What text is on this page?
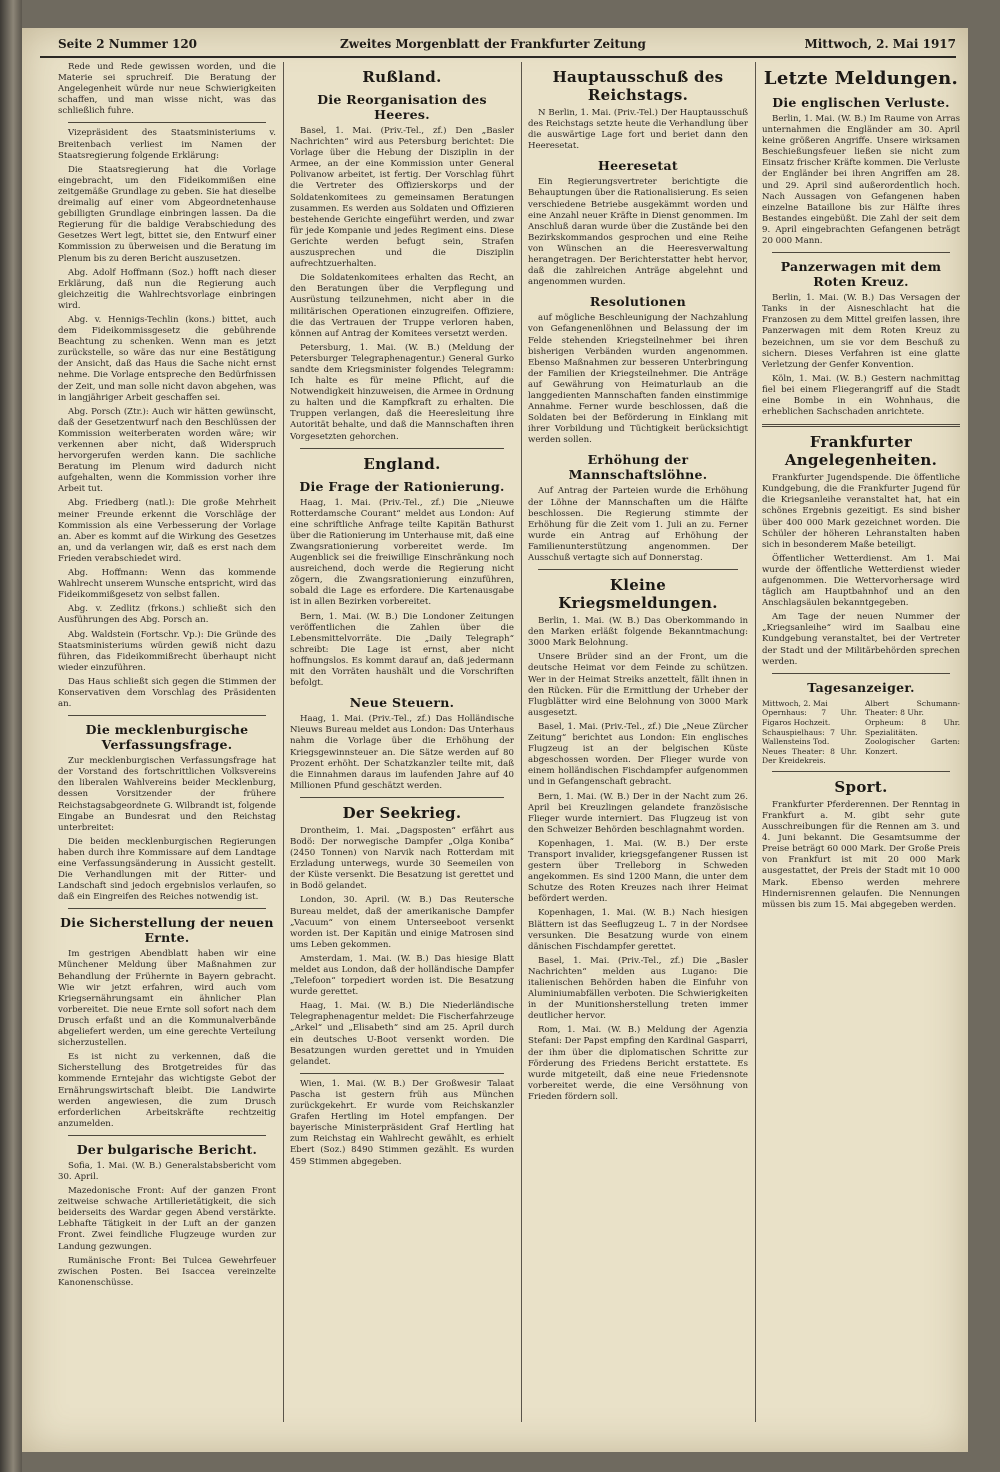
Seite 2 Nummer 120	Zweites Morgenblatt der Frankfurter Zeitung	Mittwoch, 2. Mai 1917

Rede und Rede gewissen worden, und die Materie sei spruchreif. Die Beratung der Angelegenheit würde nur neue Schwierigkeiten schaffen, und man wisse nicht, was das schließlich fuhre.

Vizepräsident des Staatsministeriums v. Breitenbach verliest im Namen der Staatsregierung folgende Erklärung:

Die Staatsregierung hat die Vorlage eingebracht, um den Fideikommißen eine zeitgemäße Grundlage zu geben. Sie hat dieselbe dreimalig auf einer vom Abgeordnetenhause gebilligten Grundlage einbringen lassen. Da die Regierung für die baldige Verabschiedung des Gesetzes Wert legt, bittet sie, den Entwurf einer Kommission zu überweisen und die Beratung im Plenum bis zu deren Bericht auszusetzen.

Abg. Adolf Hoffmann (Soz.) hofft nach dieser Erklärung, daß nun die Regierung auch gleichzeitig die Wahlrechtsvorlage einbringen wird.

Abg. v. Hennigs-Techlin (kons.) bittet, auch dem Fideikommissgesetz die gebührende Beachtung zu schenken. Wenn man es jetzt zurückstelle, so wäre das nur eine Bestätigung der Ansicht, daß das Haus die Sache nicht ernst nehme. Die Vorlage entspreche den Bedürfnissen der Zeit, und man solle nicht davon abgehen, was in langjähriger Arbeit geschaffen sei.

Abg. Porsch (Ztr.): Auch wir hätten gewünscht, daß der Gesetzentwurf nach den Beschlüssen der Kommission weiterberaten worden wäre; wir verkennen aber nicht, daß Widerspruch hervorgerufen werden kann. Die sachliche Beratung im Plenum wird dadurch nicht aufgehalten, wenn die Kommission vorher ihre Arbeit tut.

Abg. Friedberg (natl.): Die große Mehrheit meiner Freunde erkennt die Vorschläge der Kommission als eine Verbesserung der Vorlage an. Aber es kommt auf die Wirkung des Gesetzes an, und da verlangen wir, daß es erst nach dem Frieden verabschiedet wird.

Abg. Hoffmann: Wenn das kommende Wahlrecht unserem Wunsche entspricht, wird das Fideikommißgesetz von selbst fallen.

Abg. v. Zedlitz (frkons.) schließt sich den Ausführungen des Abg. Porsch an.

Abg. Waldstein (Fortschr. Vp.): Die Gründe des Staatsministeriums würden gewiß nicht dazu führen, das Fideikommißrecht überhaupt nicht wieder einzuführen.

Das Haus schließt sich gegen die Stimmen der Konservativen dem Vorschlag des Präsidenten an.

Die mecklenburgische Verfassungsfrage.

Zur mecklenburgischen Verfassungsfrage hat der Vorstand des fortschrittlichen Volksvereins den liberalen Wahlvereins beider Mecklenburg, dessen Vorsitzender der frühere Reichstagsabgeordnete G. Wilbrandt ist, folgende Eingabe an Bundesrat und den Reichstag unterbreitet:

Die beiden mecklenburgischen Regierungen haben durch ihre Kommissare auf dem Landtage eine Verfassungsänderung in Aussicht gestellt. Die Verhandlungen mit der Ritter- und Landschaft sind jedoch ergebnislos verlaufen, so daß ein Eingreifen des Reiches notwendig ist.

Die Sicherstellung der neuen Ernte.

Im gestrigen Abendblatt haben wir eine Münchener Meldung über Maßnahmen zur Behandlung der Frühernte in Bayern gebracht. Wie wir jetzt erfahren, wird auch vom Kriegsernährungsamt ein ähnlicher Plan vorbereitet. Die neue Ernte soll sofort nach dem Drusch erfaßt und an die Kommunalverbände abgeliefert werden, um eine gerechte Verteilung sicherzustellen.

Es ist nicht zu verkennen, daß die Sicherstellung des Brotgetreides für das kommende Erntejahr das wichtigste Gebot der Ernährungswirtschaft bleibt. Die Landwirte werden angewiesen, die zum Drusch erforderlichen Arbeitskräfte rechtzeitig anzumelden.

Der bulgarische Bericht.

Sofia, 1. Mai. (W. B.) Generalstabsbericht vom 30. April.

Mazedonische Front: Auf der ganzen Front zeitweise schwache Artillerietätigkeit, die sich beiderseits des Wardar gegen Abend verstärkte. Lebhafte Tätigkeit in der Luft an der ganzen Front. Zwei feindliche Flugzeuge wurden zur Landung gezwungen.

Rumänische Front: Bei Tulcea Gewehrfeuer zwischen Posten. Bei Isaccea vereinzelte Kanonenschüsse.

Rußland.
Die Reorganisation des Heeres.

Basel, 1. Mai. (Priv.-Tel., zf.) Den „Basler Nachrichten“ wird aus Petersburg berichtet: Die Vorlage über die Hebung der Disziplin in der Armee, an der eine Kommission unter General Polivanow arbeitet, ist fertig. Der Vorschlag führt die Vertreter des Offizierskorps und der Soldatenkomitees zu gemeinsamen Beratungen zusammen. Es werden aus Soldaten und Offizieren bestehende Gerichte eingeführt werden, und zwar für jede Kompanie und jedes Regiment eins. Diese Gerichte werden befugt sein, Strafen auszusprechen und die Disziplin aufrechtzuerhalten.

Die Soldatenkomitees erhalten das Recht, an den Beratungen über die Verpflegung und Ausrüstung teilzunehmen, nicht aber in die militärischen Operationen einzugreifen. Offiziere, die das Vertrauen der Truppe verloren haben, können auf Antrag der Komitees versetzt werden.

Petersburg, 1. Mai. (W. B.) (Meldung der Petersburger Telegraphenagentur.) General Gurko sandte dem Kriegsminister folgendes Telegramm: Ich halte es für meine Pflicht, auf die Notwendigkeit hinzuweisen, die Armee in Ordnung zu halten und die Kampfkraft zu erhalten. Die Truppen verlangen, daß die Heeresleitung ihre Autorität behalte, und daß die Mannschaften ihren Vorgesetzten gehorchen.

England.
Die Frage der Rationierung.

Haag, 1. Mai. (Priv.-Tel., zf.) Die „Nieuwe Rotterdamsche Courant“ meldet aus London: Auf eine schriftliche Anfrage teilte Kapitän Bathurst über die Rationierung im Unterhause mit, daß eine Zwangsrationierung vorbereitet werde. Im Augenblick sei die freiwillige Einschränkung noch ausreichend, doch werde die Regierung nicht zögern, die Zwangsrationierung einzuführen, sobald die Lage es erfordere. Die Kartenausgabe ist in allen Bezirken vorbereitet.

Bern, 1. Mai. (W. B.) Die Londoner Zeitungen veröffentlichen die Zahlen über die Lebensmittelvorräte. Die „Daily Telegraph“ schreibt: Die Lage ist ernst, aber nicht hoffnungslos. Es kommt darauf an, daß jedermann mit den Vorräten haushält und die Vorschriften befolgt.

Neue Steuern.

Haag, 1. Mai. (Priv.-Tel., zf.) Das Holländische Nieuws Bureau meldet aus London: Das Unterhaus nahm die Vorlage über die Erhöhung der Kriegsgewinnsteuer an. Die Sätze werden auf 80 Prozent erhöht. Der Schatzkanzler teilte mit, daß die Einnahmen daraus im laufenden Jahre auf 40 Millionen Pfund geschätzt werden.

Der Seekrieg.

Drontheim, 1. Mai. „Dagsposten“ erfährt aus Bodö: Der norwegische Dampfer „Olga Koniba“ (2450 Tonnen) von Narvik nach Rotterdam mit Erzladung unterwegs, wurde 30 Seemeilen von der Küste versenkt. Die Besatzung ist gerettet und in Bodö gelandet.

London, 30. April. (W. B.) Das Reutersche Bureau meldet, daß der amerikanische Dampfer „Vacuum“ von einem Unterseeboot versenkt worden ist. Der Kapitän und einige Matrosen sind ums Leben gekommen.

Amsterdam, 1. Mai. (W. B.) Das hiesige Blatt meldet aus London, daß der holländische Dampfer „Telefoon“ torpediert worden ist. Die Besatzung wurde gerettet.

Haag, 1. Mai. (W. B.) Die Niederländische Telegraphenagentur meldet: Die Fischerfahrzeuge „Arkel“ und „Elisabeth“ sind am 25. April durch ein deutsches U-Boot versenkt worden. Die Besatzungen wurden gerettet und in Ymuiden gelandet.

Wien, 1. Mai. (W. B.) Der Großwesir Talaat Pascha ist gestern früh aus München zurückgekehrt. Er wurde vom Reichskanzler Grafen Hertling im Hotel empfangen. Der bayerische Ministerpräsident Graf Hertling hat zum Reichstag ein Wahlrecht gewählt, es erhielt Ebert (Soz.) 8490 Stimmen gezählt. Es wurden 459 Stimmen abgegeben.

Hauptausschuß des Reichstags.

N Berlin, 1. Mai. (Priv.-Tel.) Der Hauptausschuß des Reichstags setzte heute die Verhandlung über die auswärtige Lage fort und beriet dann den Heeresetat.

Heeresetat

Ein Regierungsvertreter berichtigte die Behauptungen über die Rationalisierung. Es seien verschiedene Betriebe ausgekämmt worden und eine Anzahl neuer Kräfte in Dienst genommen. Im Anschluß daran wurde über die Zustände bei den Bezirkskommandos gesprochen und eine Reihe von Wünschen an die Heeresverwaltung herangetragen. Der Berichterstatter hebt hervor, daß die zahlreichen Anträge abgelehnt und angenommen wurden.

Resolutionen

auf mögliche Beschleunigung der Nachzahlung von Gefangenenlöhnen und Belassung der im Felde stehenden Kriegsteilnehmer bei ihren bisherigen Verbänden wurden angenommen. Ebenso Maßnahmen zur besseren Unterbringung der Familien der Kriegsteilnehmer. Die Anträge auf Gewährung von Heimaturlaub an die langgedienten Mannschaften fanden einstimmige Annahme. Ferner wurde beschlossen, daß die Soldaten bei der Beförderung in Einklang mit ihrer Vorbildung und Tüchtigkeit berücksichtigt werden sollen.

Erhöhung der Mannschaftslöhne.

Auf Antrag der Parteien wurde die Erhöhung der Löhne der Mannschaften um die Hälfte beschlossen. Die Regierung stimmte der Erhöhung für die Zeit vom 1. Juli an zu. Ferner wurde ein Antrag auf Erhöhung der Familienunterstützung angenommen. Der Ausschuß vertagte sich auf Donnerstag.

Kleine Kriegsmeldungen.

Berlin, 1. Mai. (W. B.) Das Oberkommando in den Marken erläßt folgende Bekanntmachung: 3000 Mark Belohnung.

Unsere Brüder sind an der Front, um die deutsche Heimat vor dem Feinde zu schützen. Wer in der Heimat Streiks anzettelt, fällt ihnen in den Rücken. Für die Ermittlung der Urheber der Flugblätter wird eine Belohnung von 3000 Mark ausgesetzt.

Basel, 1. Mai. (Priv.-Tel., zf.) Die „Neue Zürcher Zeitung“ berichtet aus London: Ein englisches Flugzeug ist an der belgischen Küste abgeschossen worden. Der Flieger wurde von einem holländischen Fischdampfer aufgenommen und in Gefangenschaft gebracht.

Bern, 1. Mai. (W. B.) Der in der Nacht zum 26. April bei Kreuzlingen gelandete französische Flieger wurde interniert. Das Flugzeug ist von den Schweizer Behörden beschlagnahmt worden.

Kopenhagen, 1. Mai. (W. B.) Der erste Transport invalider, kriegsgefangener Russen ist gestern über Trelleborg in Schweden angekommen. Es sind 1200 Mann, die unter dem Schutze des Roten Kreuzes nach ihrer Heimat befördert werden.

Kopenhagen, 1. Mai. (W. B.) Nach hiesigen Blättern ist das Seeflugzeug L. 7 in der Nordsee versunken. Die Besatzung wurde von einem dänischen Fischdampfer gerettet.

Basel, 1. Mai. (Priv.-Tel., zf.) Die „Basler Nachrichten“ melden aus Lugano: Die italienischen Behörden haben die Einfuhr von Aluminiumabfällen verboten. Die Schwierigkeiten in der Munitionsherstellung treten immer deutlicher hervor.

Rom, 1. Mai. (W. B.) Meldung der Agenzia Stefani: Der Papst empfing den Kardinal Gasparri, der ihm über die diplomatischen Schritte zur Förderung des Friedens Bericht erstattete. Es wurde mitgeteilt, daß eine neue Friedensnote vorbereitet werde, die eine Versöhnung von Frieden fördern soll.

Letzte Meldungen.
Die englischen Verluste.

Berlin, 1. Mai. (W. B.) Im Raume von Arras unternahmen die Engländer am 30. April keine größeren Angriffe. Unsere wirksamen Beschießungsfeuer ließen sie nicht zum Einsatz frischer Kräfte kommen. Die Verluste der Engländer bei ihren Angriffen am 28. und 29. April sind außerordentlich hoch. Nach Aussagen von Gefangenen haben einzelne Bataillone bis zur Hälfte ihres Bestandes eingebüßt. Die Zahl der seit dem 9. April eingebrachten Gefangenen beträgt 20 000 Mann.

Panzerwagen mit dem Roten Kreuz.

Berlin, 1. Mai. (W. B.) Das Versagen der Tanks in der Aisneschlacht hat die Franzosen zu dem Mittel greifen lassen, ihre Panzerwagen mit dem Roten Kreuz zu bezeichnen, um sie vor dem Beschuß zu sichern. Dieses Verfahren ist eine glatte Verletzung der Genfer Konvention.

Köln, 1. Mai. (W. B.) Gestern nachmittag fiel bei einem Fliegerangriff auf die Stadt eine Bombe in ein Wohnhaus, die erheblichen Sachschaden anrichtete.

Frankfurter Angelegenheiten.

Frankfurter Jugendspende. Die öffentliche Kundgebung, die die Frankfurter Jugend für die Kriegsanleihe veranstaltet hat, hat ein schönes Ergebnis gezeitigt. Es sind bisher über 400 000 Mark gezeichnet worden. Die Schüler der höheren Lehranstalten haben sich in besonderem Maße beteiligt.

Öffentlicher Wetterdienst. Am 1. Mai wurde der öffentliche Wetterdienst wieder aufgenommen. Die Wettervorhersage wird täglich am Hauptbahnhof und an den Anschlagsäulen bekanntgegeben.

Am Tage der neuen Nummer der „Kriegsanleihe“ wird im Saalbau eine Kundgebung veranstaltet, bei der Vertreter der Stadt und der Militärbehörden sprechen werden.

Tagesanzeiger.
Mittwoch, 2. Mai
Opernhaus: 7 Uhr. Figaros Hochzeit.
Schauspielhaus: 7 Uhr. Wallensteins Tod.
Neues Theater: 8 Uhr. Der Kreidekreis.
Albert Schumann-Theater: 8 Uhr.
Orpheum: 8 Uhr. Spezialitäten.
Zoologischer Garten: Konzert.
Sport.

Frankfurter Pferderennen. Der Renntag in Frankfurt a. M. gibt sehr gute Ausschreibungen für die Rennen am 3. und 4. Juni bekannt. Die Gesamtsumme der Preise beträgt 60 000 Mark. Der Große Preis von Frankfurt ist mit 20 000 Mark ausgestattet, der Preis der Stadt mit 10 000 Mark. Ebenso werden mehrere Hindernisrennen gelaufen. Die Nennungen müssen bis zum 15. Mai abgegeben werden.
